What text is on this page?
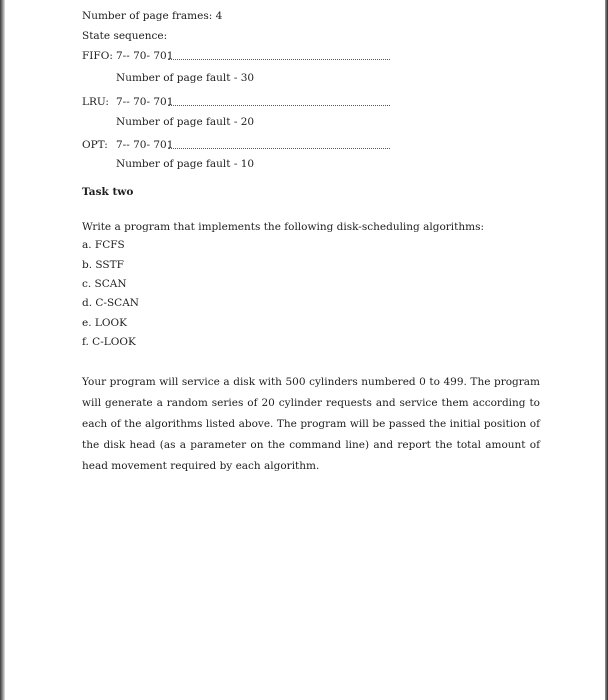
Number of page frames: 4
State sequence:
FIFO: 7-- 70- 701
Number of page fault - 30
LRU: 7-- 70- 701
Number of page fault - 20
OPT: 7-- 70- 701
Number of page fault - 10
Task two
Write a program that implements the following disk-scheduling algorithms:
a. FCFS
b. SSTF
c. SCAN
d. C-SCAN
e. LOOK
f. C-LOOK
Your program will service a disk with 500 cylinders numbered 0 to 499. The program will generate a random series of 20 cylinder requests and service them according to each of the algorithms listed above. The program will be passed the initial position of the disk head (as a parameter on the command line) and report the total amount of head movement required by each algorithm.
